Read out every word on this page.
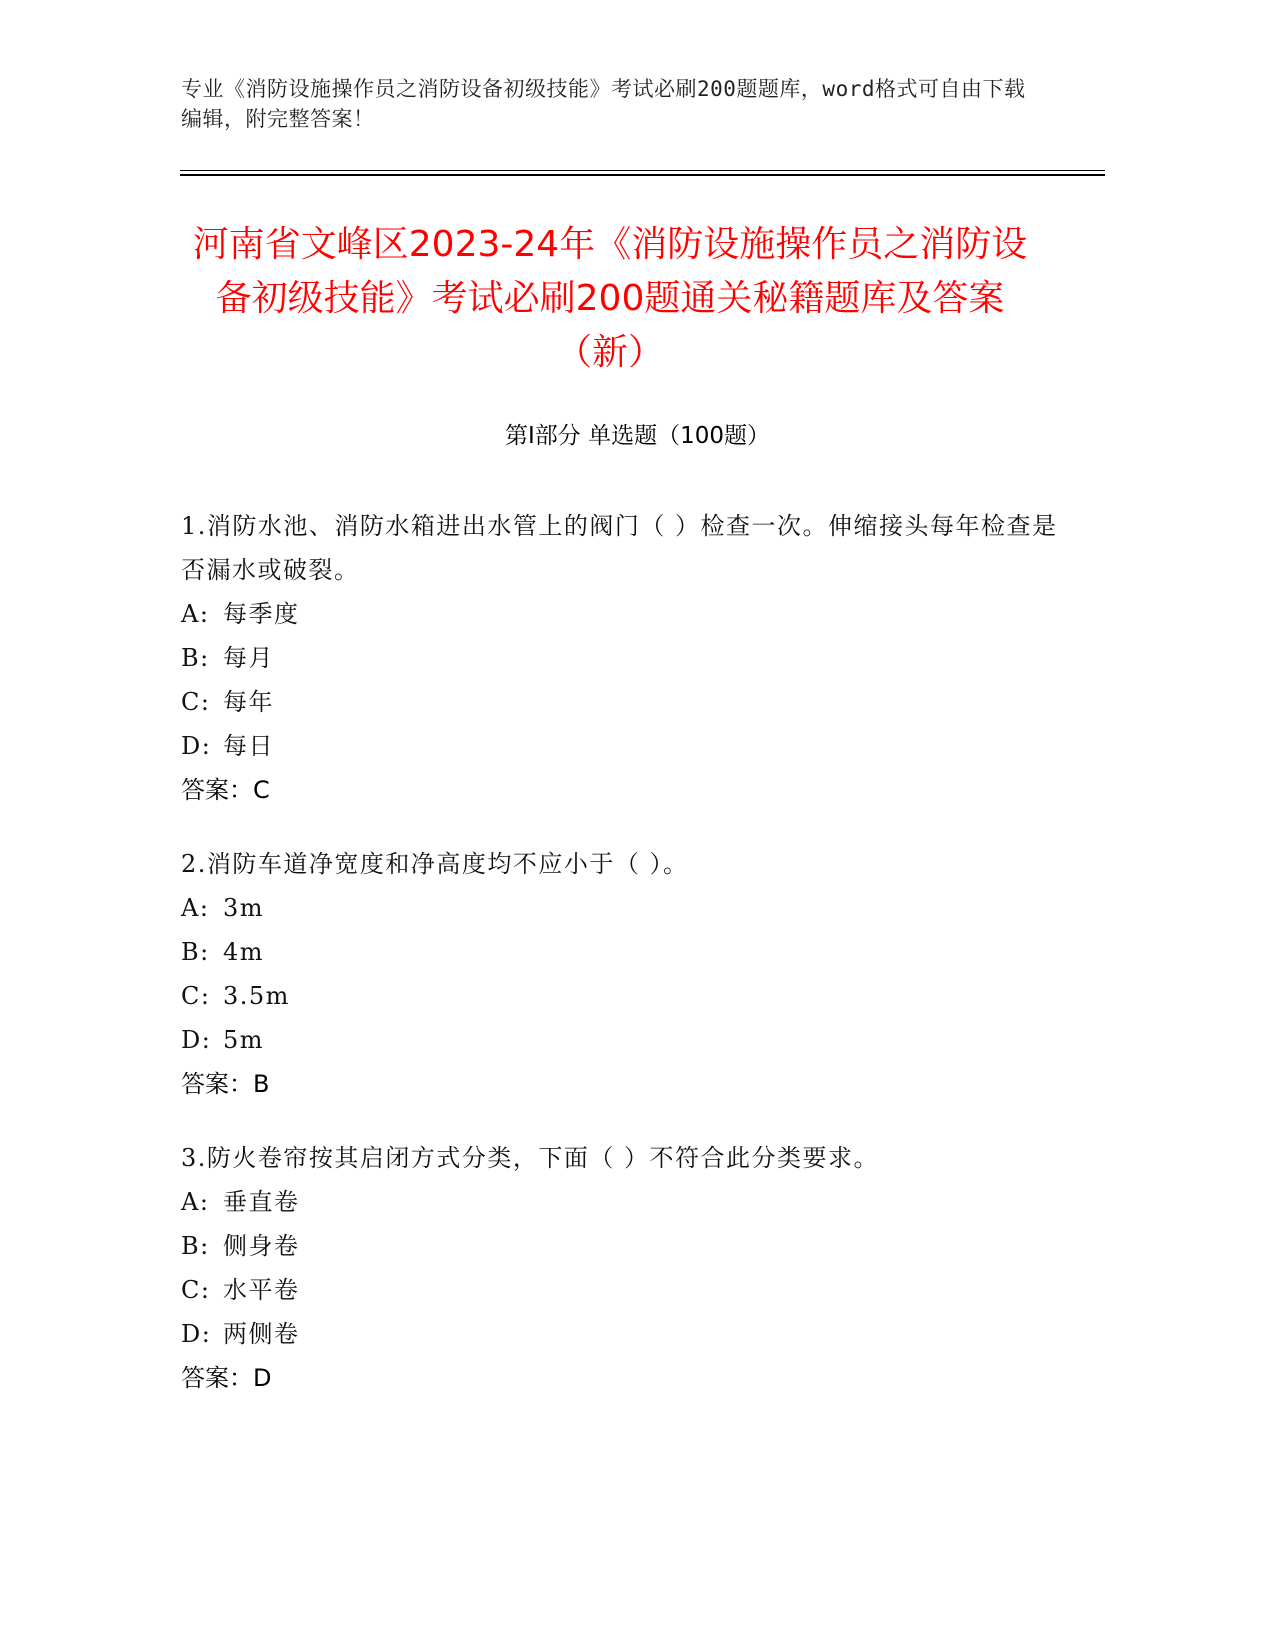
专业《消防设施操作员之消防设备初级技能》考试必刷200题题库，word格式可自由下载编辑，附完整答案！
河南省文峰区2023-24年《消防设施操作员之消防设备初级技能》考试必刷200题通关秘籍题库及答案（新）
第I部分 单选题（100题）

1.消防水池、消防水箱进出水管上的阀门（ ）检查一次。伸缩接头每年检查是否漏水或破裂。

A: 每季度

B: 每月

C: 每年

D: 每日

答案：C

2.消防车道净宽度和净高度均不应小于（ ）。

A: 3m

B: 4m

C: 3.5m

D: 5m

答案：B

3.防火卷帘按其启闭方式分类，下面（ ）不符合此分类要求。

A: 垂直卷

B: 侧身卷

C: 水平卷

D: 两侧卷

答案：D
